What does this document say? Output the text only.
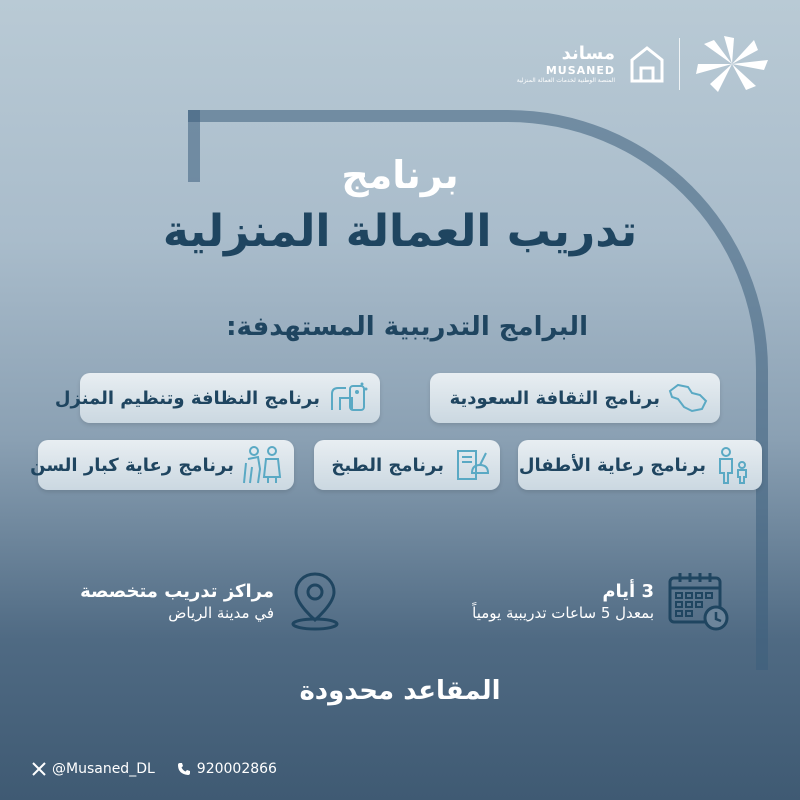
مساند
MUSANED
المنصة الوطنية لخدمات العمالة المنزلية
برنامج
تدريب العمالة المنزلية
البرامج التدريبية المستهدفة:
برنامج الثقافة السعودية
برنامج النظافة وتنظيم المنزل
برنامج رعاية الأطفال
برنامج الطبخ
برنامج رعاية كبار السن
3 أيام
بمعدل 5 ساعات تدريبية يومياً
مراكز تدريب متخصصة
في مدينة الرياض
المقاعد محدودة
@Musaned_DL	920002866
